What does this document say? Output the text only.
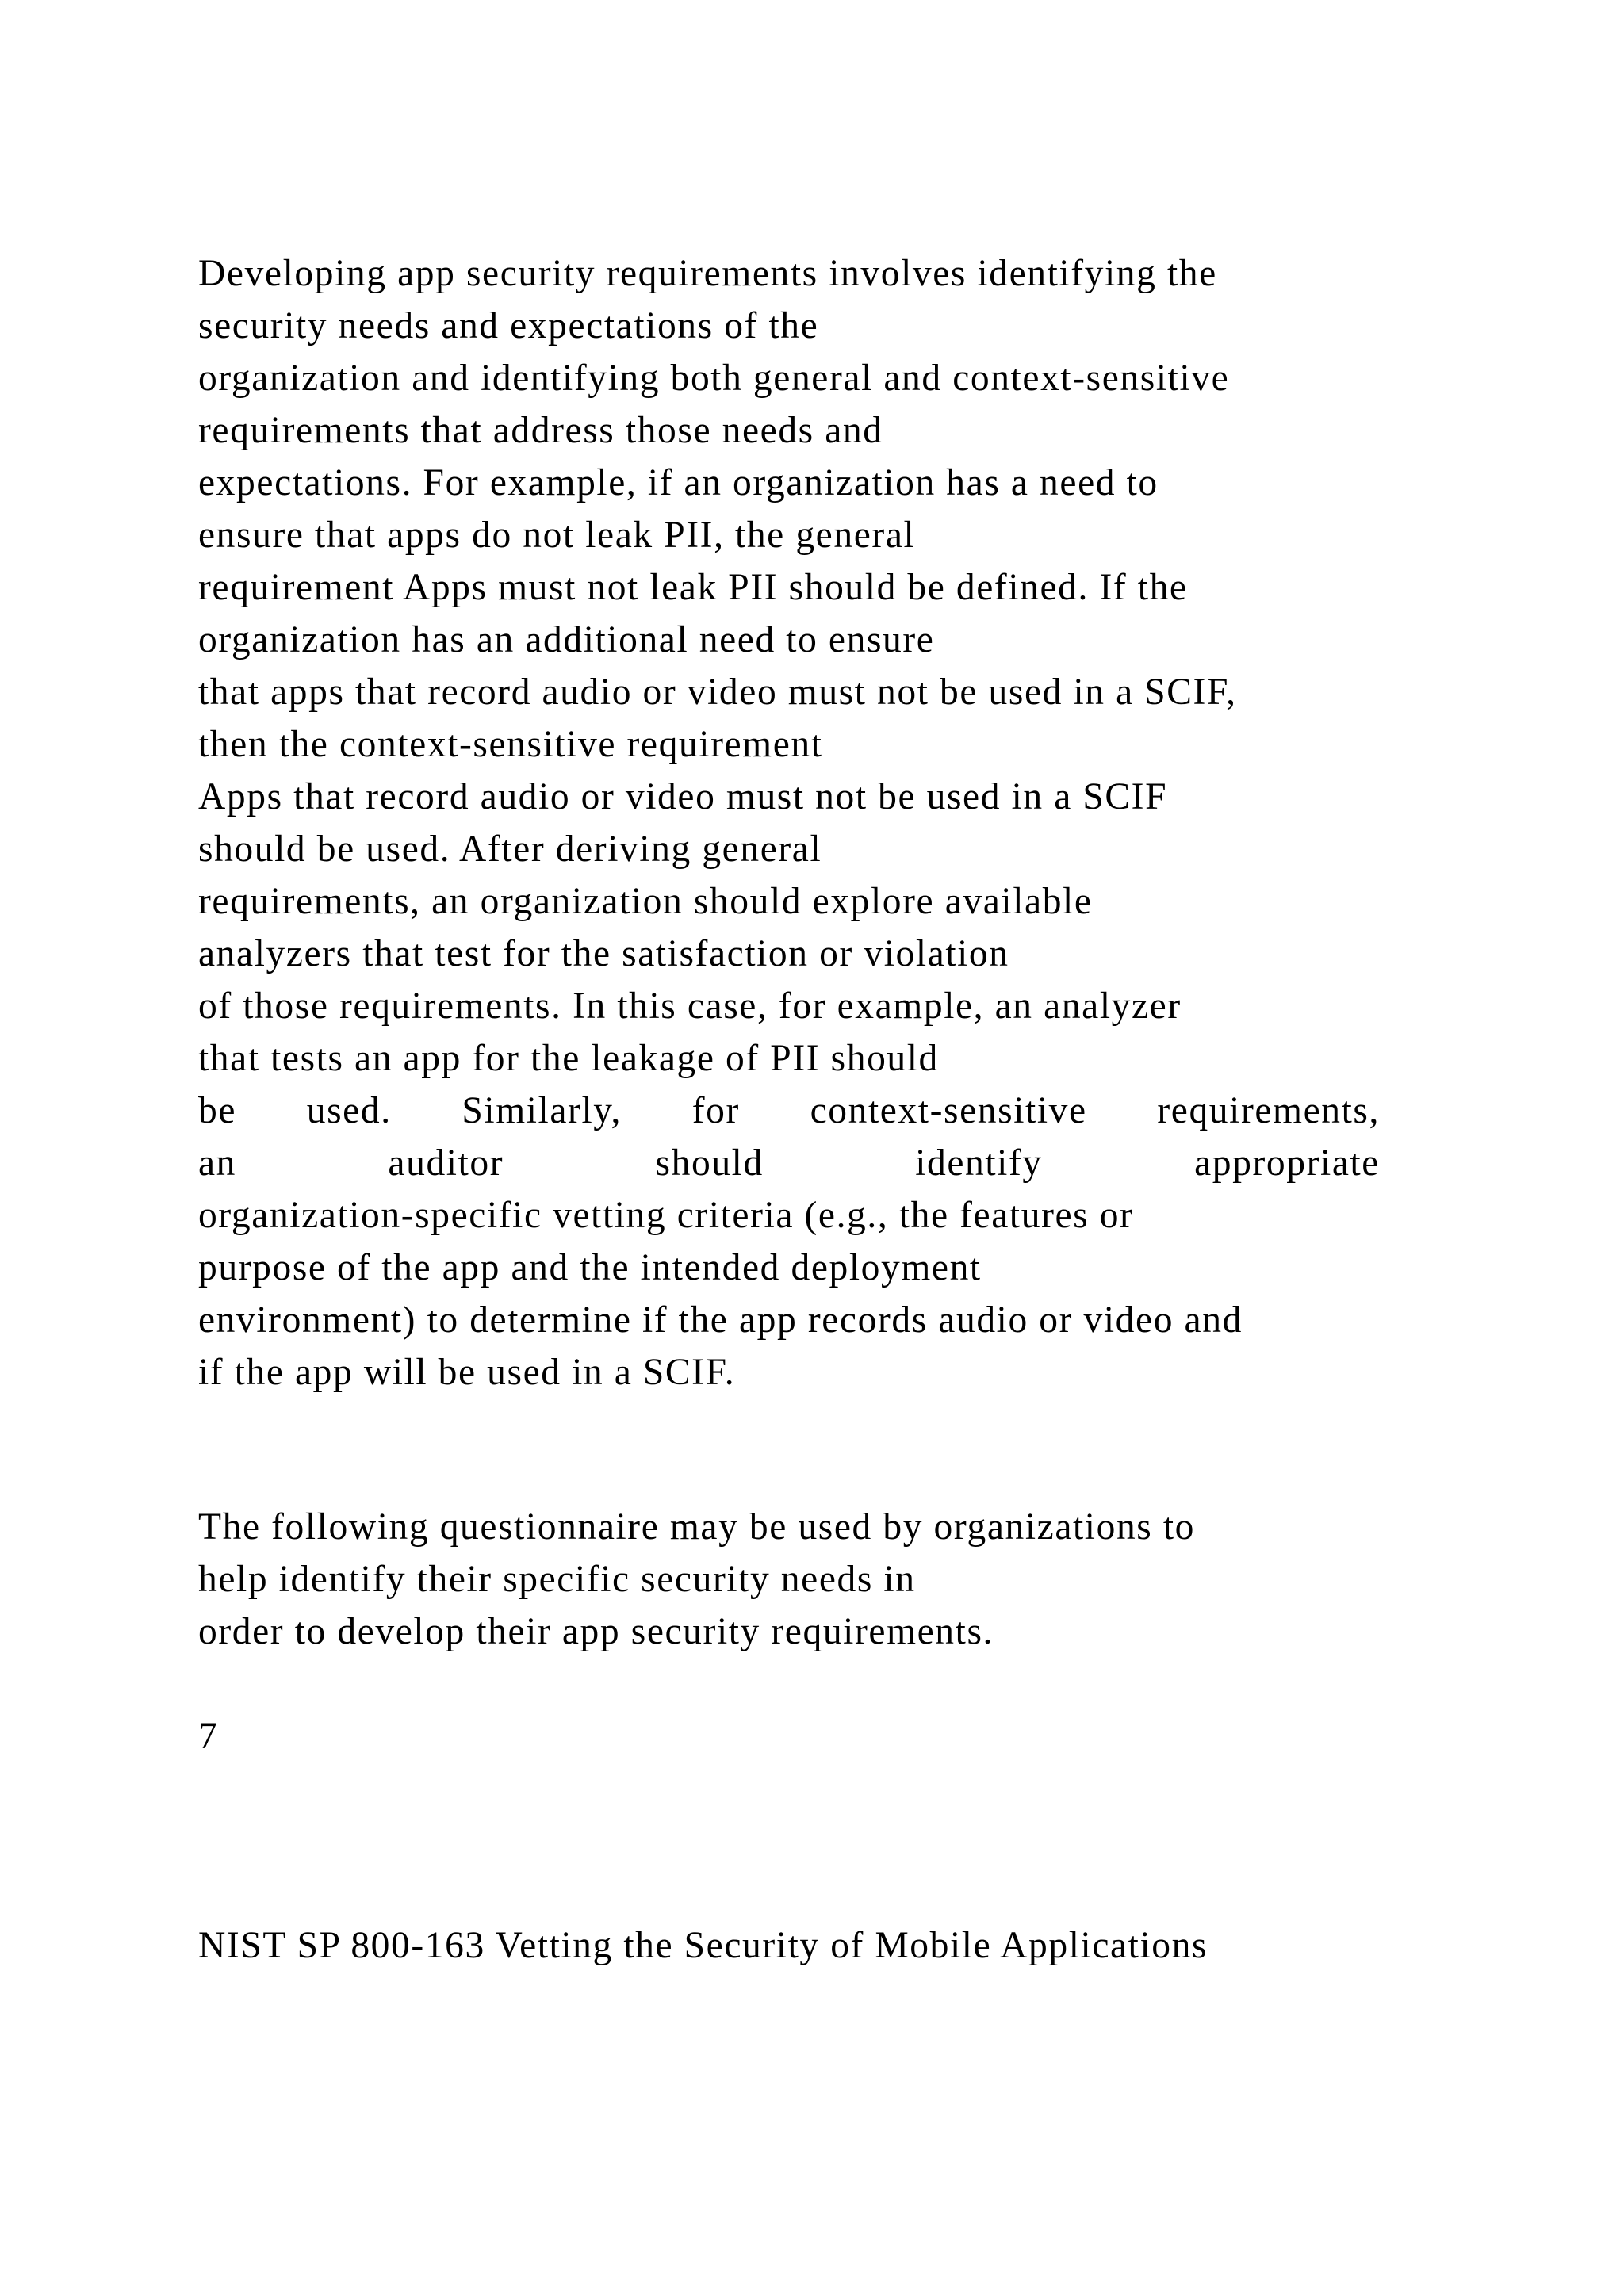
Developing app security requirements involves identifying the
security needs and expectations of the
organization and identifying both general and context-sensitive
requirements that address those needs and
expectations. For example, if an organization has a need to
ensure that apps do not leak PII, the general
requirement Apps must not leak PII should be defined. If the
organization has an additional need to ensure
that apps that record audio or video must not be used in a SCIF,
then the context-sensitive requirement
Apps that record audio or video must not be used in a SCIF
should be used. After deriving general
requirements, an organization should explore available
analyzers that test for the satisfaction or violation
of those requirements. In this case, for example, an analyzer
that tests an app for the leakage of PII should
be used. Similarly, for context-sensitive requirements,
an auditor should identify appropriate
organization-specific vetting criteria (e.g., the features or
purpose of the app and the intended deployment
environment) to determine if the app records audio or video and
if the app will be used in a SCIF.
The following questionnaire may be used by organizations to
help identify their specific security needs in
order to develop their app security requirements.
7
NIST SP 800-163 Vetting the Security of Mobile Applications
